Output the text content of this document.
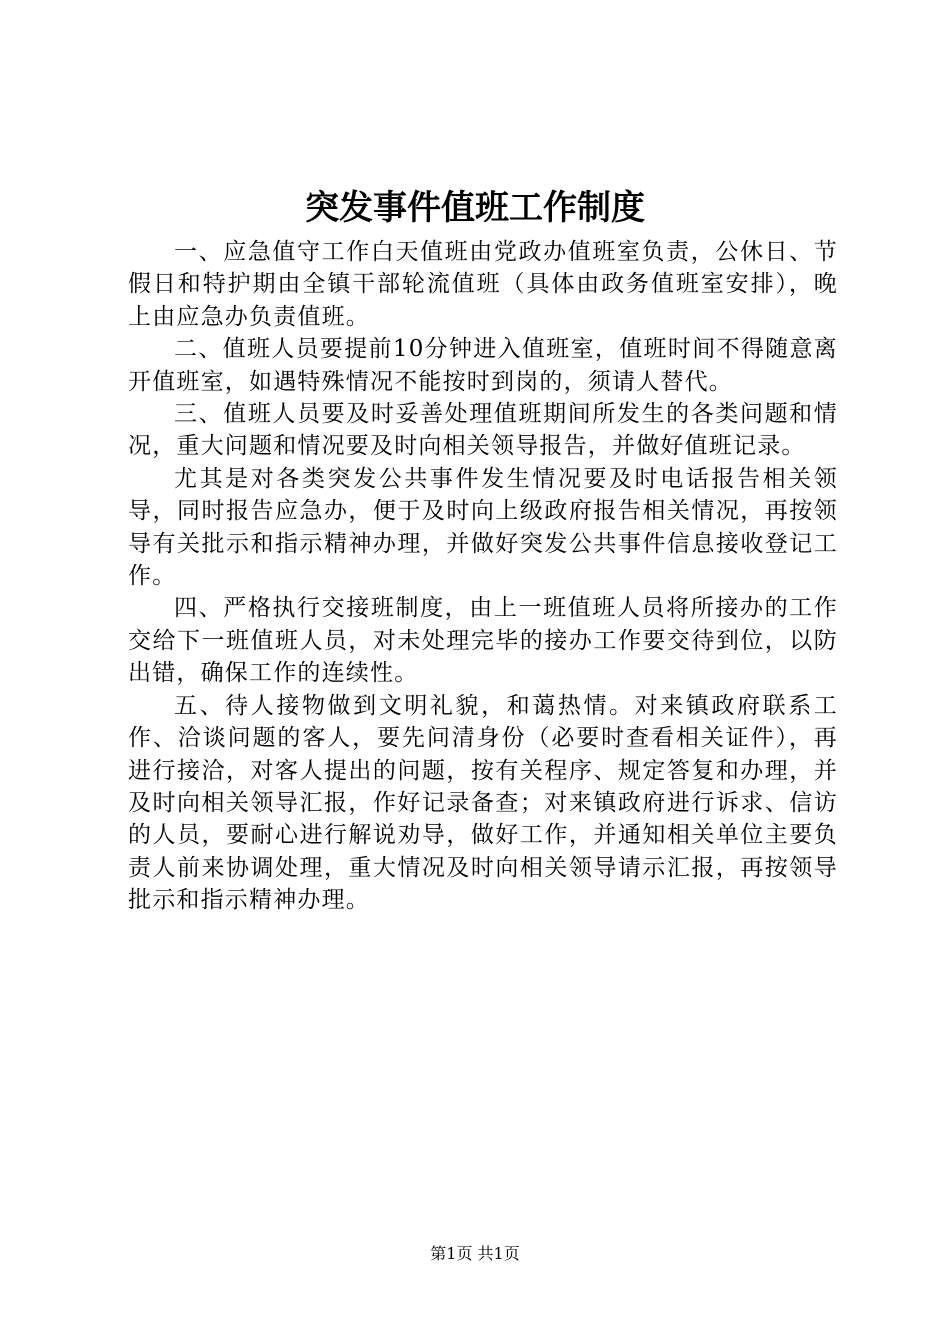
突发事件值班工作制度

一、应急值守工作白天值班由党政办值班室负责，公休日、节假日和特护期由全镇干部轮流值班（具体由政务值班室安排），晚上由应急办负责值班。

二、值班人员要提前10分钟进入值班室，值班时间不得随意离开值班室，如遇特殊情况不能按时到岗的，须请人替代。

三、值班人员要及时妥善处理值班期间所发生的各类问题和情况，重大问题和情况要及时向相关领导报告，并做好值班记录。

尤其是对各类突发公共事件发生情况要及时电话报告相关领导，同时报告应急办，便于及时向上级政府报告相关情况，再按领导有关批示和指示精神办理，并做好突发公共事件信息接收登记工作。

四、严格执行交接班制度，由上一班值班人员将所接办的工作交给下一班值班人员，对未处理完毕的接办工作要交待到位，以防出错，确保工作的连续性。

五、待人接物做到文明礼貌，和蔼热情。对来镇政府联系工作、洽谈问题的客人，要先问清身份（必要时查看相关证件），再进行接洽，对客人提出的问题，按有关程序、规定答复和办理，并及时向相关领导汇报，作好记录备查；对来镇政府进行诉求、信访的人员，要耐心进行解说劝导，做好工作，并通知相关单位主要负责人前来协调处理，重大情况及时向相关领导请示汇报，再按领导批示和指示精神办理。

第1页 共1页
